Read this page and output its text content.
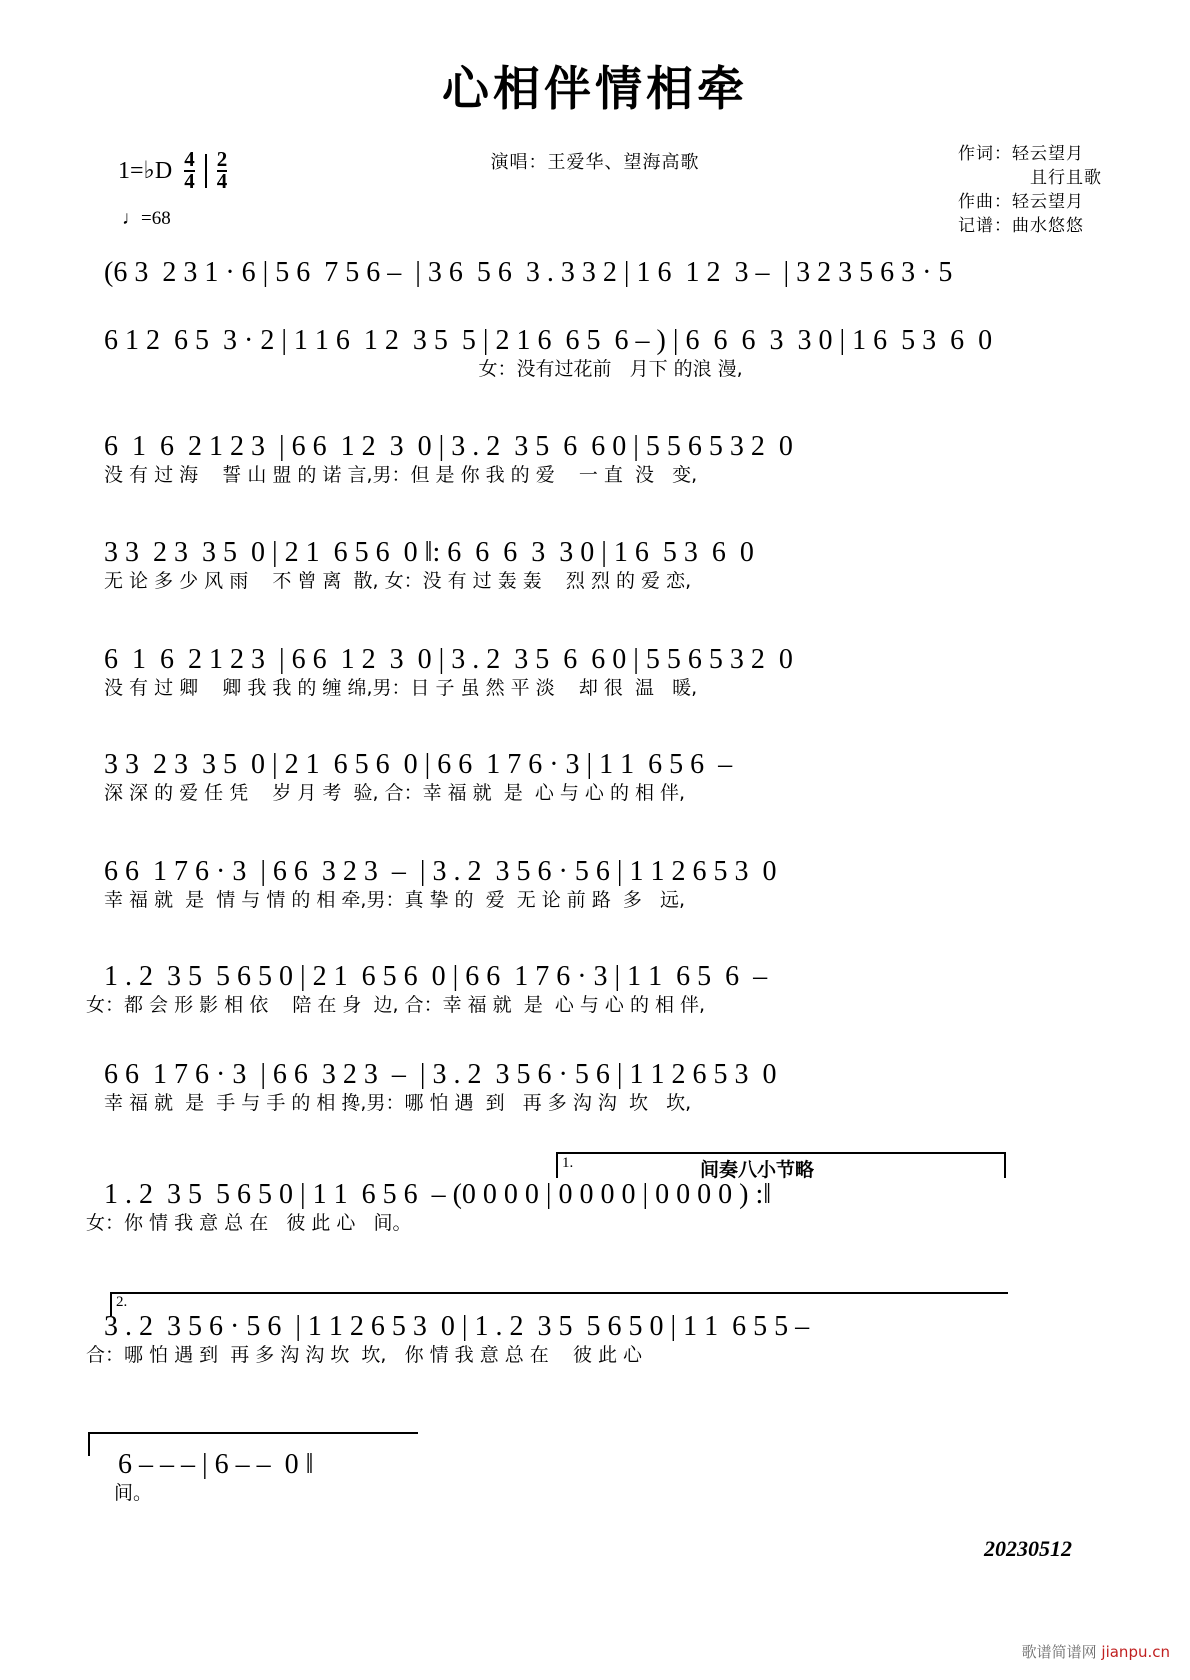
心相伴情相牵
演唱：王爱华、望海高歌	作词：轻云望月
且行且歌
作曲：轻云望月
记谱：曲水悠悠
1=♭D 4
4
2
4
♩=68
(6 3  2 3 1 · 6 | 5 6  7 5 6 –  | 3 6  5 6  3 . 3 3 2 | 1 6  1 2  3 –  | 3 2 3 5 6 3 · 5
6 1 2  6 5  3 · 2 | 1 1 6  1 2  3 5  5 | 2 1 6  6 5  6 – ) | 6  6  6  3  3 0 | 1 6  5 3  6  0
女：没有过花前   月下 的浪 漫,
6  1  6  2 1 2 3  | 6 6  1 2  3  0 | 3 . 2  3 5  6  6 0 | 5 5 6 5 3 2  0
没 有 过 海    誓 山 盟 的 诺 言,男：但 是 你 我 的 爱    一 直  没   变,
3 3  2 3  3 5  0 | 2 1  6 5 6  0 ‖: 6  6  6  3  3 0 | 1 6  5 3  6  0
无 论 多 少 风 雨    不 曾 离  散, 女：没 有 过 轰 轰    烈 烈 的 爱 恋,
6  1  6  2 1 2 3  | 6 6  1 2  3  0 | 3 . 2  3 5  6  6 0 | 5 5 6 5 3 2  0
没 有 过 卿    卿 我 我 的 缠 绵,男：日 子 虽 然 平 淡    却 很  温   暖,
3 3  2 3  3 5  0 | 2 1  6 5 6  0 | 6 6  1 7 6 · 3 | 1 1  6 5 6  –
深 深 的 爱 任 凭    岁 月 考  验, 合：幸 福 就  是  心 与 心 的 相 伴,
6 6  1 7 6 · 3  | 6 6  3 2 3  –  | 3 . 2  3 5 6 · 5 6 | 1 1 2 6 5 3  0
幸 福 就  是  情 与 情 的 相 牵,男：真 挚 的  爱  无 论 前 路  多   远,
1 . 2  3 5  5 6 5 0 | 2 1  6 5 6  0 | 6 6  1 7 6 · 3 | 1 1  6 5  6  –
女：都 会 形 影 相 依    陪 在 身  边, 合：幸 福 就  是  心 与 心 的 相 伴,
6 6  1 7 6 · 3  | 6 6  3 2 3  –  | 3 . 2  3 5 6 · 5 6 | 1 1 2 6 5 3  0
幸 福 就  是  手 与 手 的 相 搀,男：哪 怕 遇  到   再 多 沟 沟  坎   坎,
1.	间奏八小节略
1 . 2  3 5  5 6 5 0 | 1 1  6 5 6  – (0 0 0 0 | 0 0 0 0 | 0 0 0 0 ) :‖
女：你 情 我 意 总 在   彼 此 心   间。
2.
3 . 2  3 5 6 · 5 6  | 1 1 2 6 5 3  0 | 1 . 2  3 5  5 6 5 0 | 1 1  6 5 5 –
合：哪 怕 遇 到  再 多 沟 沟 坎  坎,   你 情 我 意 总 在    彼 此 心
6 – – – | 6 – –  0 ‖
间。
20230512
歌谱简谱网 jianpu.cn
